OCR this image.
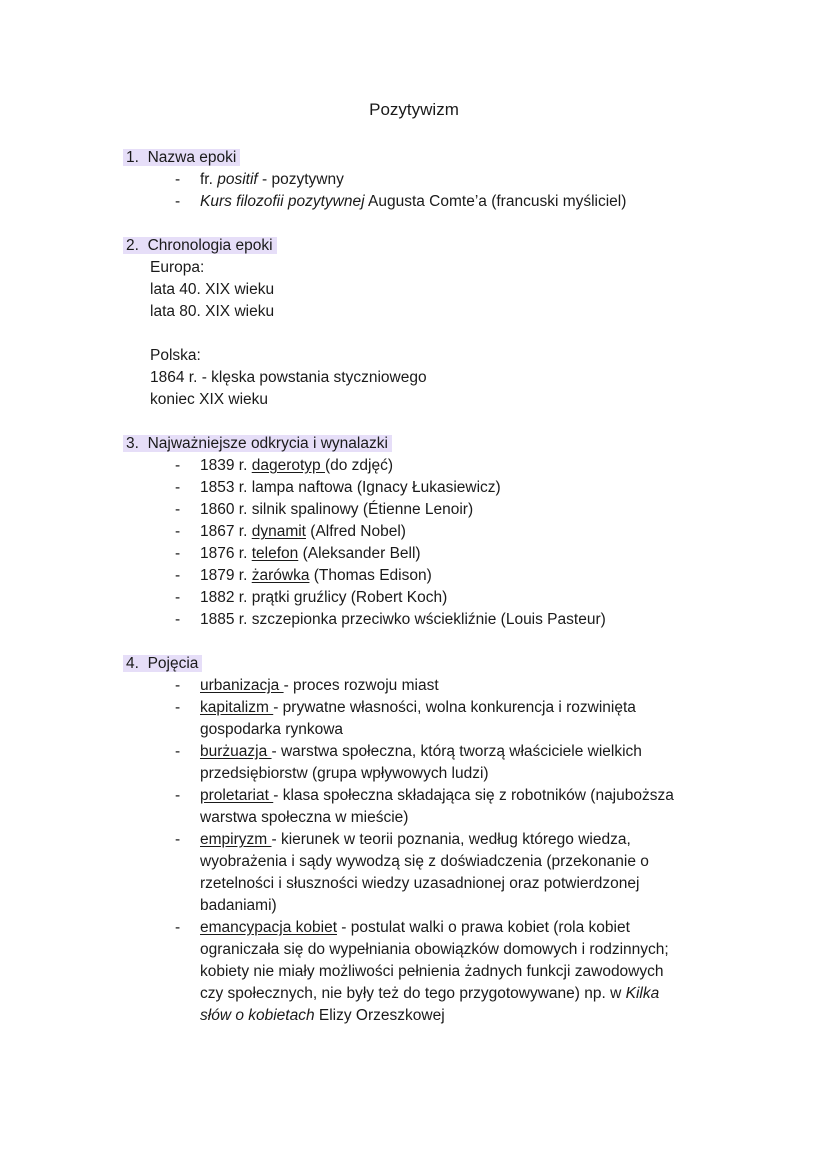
Pozytywizm
1. Nazwa epoki
- fr. positif - pozytywny
- Kurs filozofii pozytywnej Augusta Comte’a (francuski myśliciel)
2. Chronologia epoki
Europa:
lata 40. XIX wieku
lata 80. XIX wieku
Polska:
1864 r. - klęska powstania styczniowego
koniec XIX wieku
3. Najważniejsze odkrycia i wynalazki
- 1839 r. dagerotyp (do zdjęć)
- 1853 r. lampa naftowa (Ignacy Łukasiewicz)
- 1860 r. silnik spalinowy (Étienne Lenoir)
- 1867 r. dynamit (Alfred Nobel)
- 1876 r. telefon (Aleksander Bell)
- 1879 r. żarówka (Thomas Edison)
- 1882 r. prątki gruźlicy (Robert Koch)
- 1885 r. szczepionka przeciwko wściekliźnie (Louis Pasteur)
4. Pojęcia
- urbanizacja - proces rozwoju miast
- kapitalizm - prywatne własności, wolna konkurencja i rozwinięta
gospodarka rynkowa
- burżuazja - warstwa społeczna, którą tworzą właściciele wielkich
przedsiębiorstw (grupa wpływowych ludzi)
- proletariat - klasa społeczna składająca się z robotników (najuboższa
warstwa społeczna w mieście)
- empiryzm - kierunek w teorii poznania, według którego wiedza,
wyobrażenia i sądy wywodzą się z doświadczenia (przekonanie o
rzetelności i słuszności wiedzy uzasadnionej oraz potwierdzonej
badaniami)
- emancypacja kobiet - postulat walki o prawa kobiet (rola kobiet
ograniczała się do wypełniania obowiązków domowych i rodzinnych;
kobiety nie miały możliwości pełnienia żadnych funkcji zawodowych
czy społecznych, nie były też do tego przygotowywane) np. w Kilka
słów o kobietach Elizy Orzeszkowej
